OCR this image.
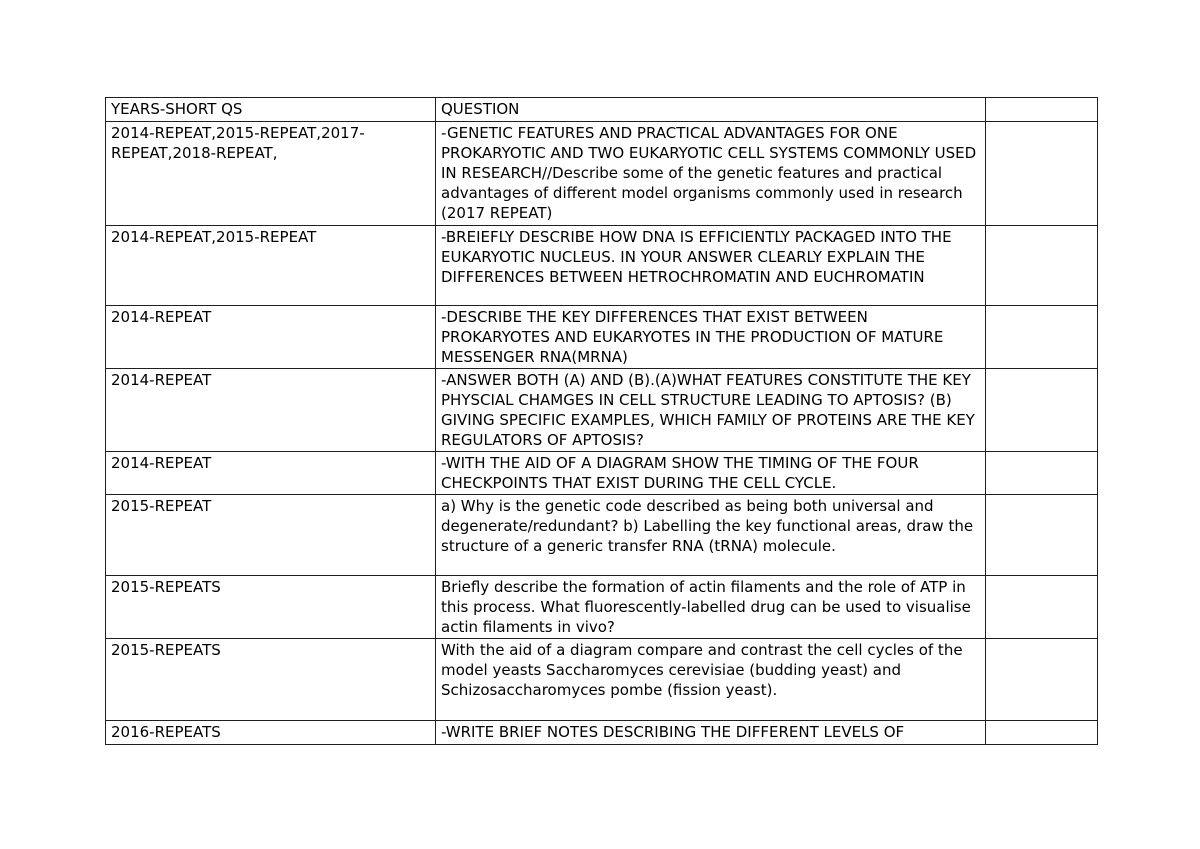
YEARS-SHORT QS	QUESTION	
2014-REPEAT,2015-REPEAT,2017-REPEAT,2018-REPEAT,	-GENETIC FEATURES AND PRACTICAL ADVANTAGES FOR ONE PROKARYOTIC AND TWO EUKARYOTIC CELL SYSTEMS COMMONLY USED IN RESEARCH//Describe some of the genetic features and practical advantages of different model organisms commonly used in research (2017 REPEAT)	
2014-REPEAT,2015-REPEAT	-BREIEFLY DESCRIBE HOW DNA IS EFFICIENTLY PACKAGED INTO THE EUKARYOTIC NUCLEUS. IN YOUR ANSWER CLEARLY EXPLAIN THE DIFFERENCES BETWEEN HETROCHROMATIN AND EUCHROMATIN	
2014-REPEAT	-DESCRIBE THE KEY DIFFERENCES THAT EXIST BETWEEN PROKARYOTES AND EUKARYOTES IN THE PRODUCTION OF MATURE MESSENGER RNA(MRNA)	
2014-REPEAT	-ANSWER BOTH (A) AND (B).(A)WHAT FEATURES CONSTITUTE THE KEY PHYSCIAL CHAMGES IN CELL STRUCTURE LEADING TO APTOSIS? (B) GIVING SPECIFIC EXAMPLES, WHICH FAMILY OF PROTEINS ARE THE KEY REGULATORS OF APTOSIS?	
2014-REPEAT	-WITH THE AID OF A DIAGRAM SHOW THE TIMING OF THE FOUR CHECKPOINTS THAT EXIST DURING THE CELL CYCLE.	
2015-REPEAT	a) Why is the genetic code described as being both universal and degenerate/redundant? b) Labelling the key functional areas, draw the structure of a generic transfer RNA (tRNA) molecule.	
2015-REPEATS	Briefly describe the formation of actin filaments and the role of ATP in this process. What fluorescently-labelled drug can be used to visualise actin filaments in vivo?	
2015-REPEATS	With the aid of a diagram compare and contrast the cell cycles of the model yeasts Saccharomyces cerevisiae (budding yeast) and Schizosaccharomyces pombe (fission yeast).	
2016-REPEATS	-WRITE BRIEF NOTES DESCRIBING THE DIFFERENT LEVELS OF	
